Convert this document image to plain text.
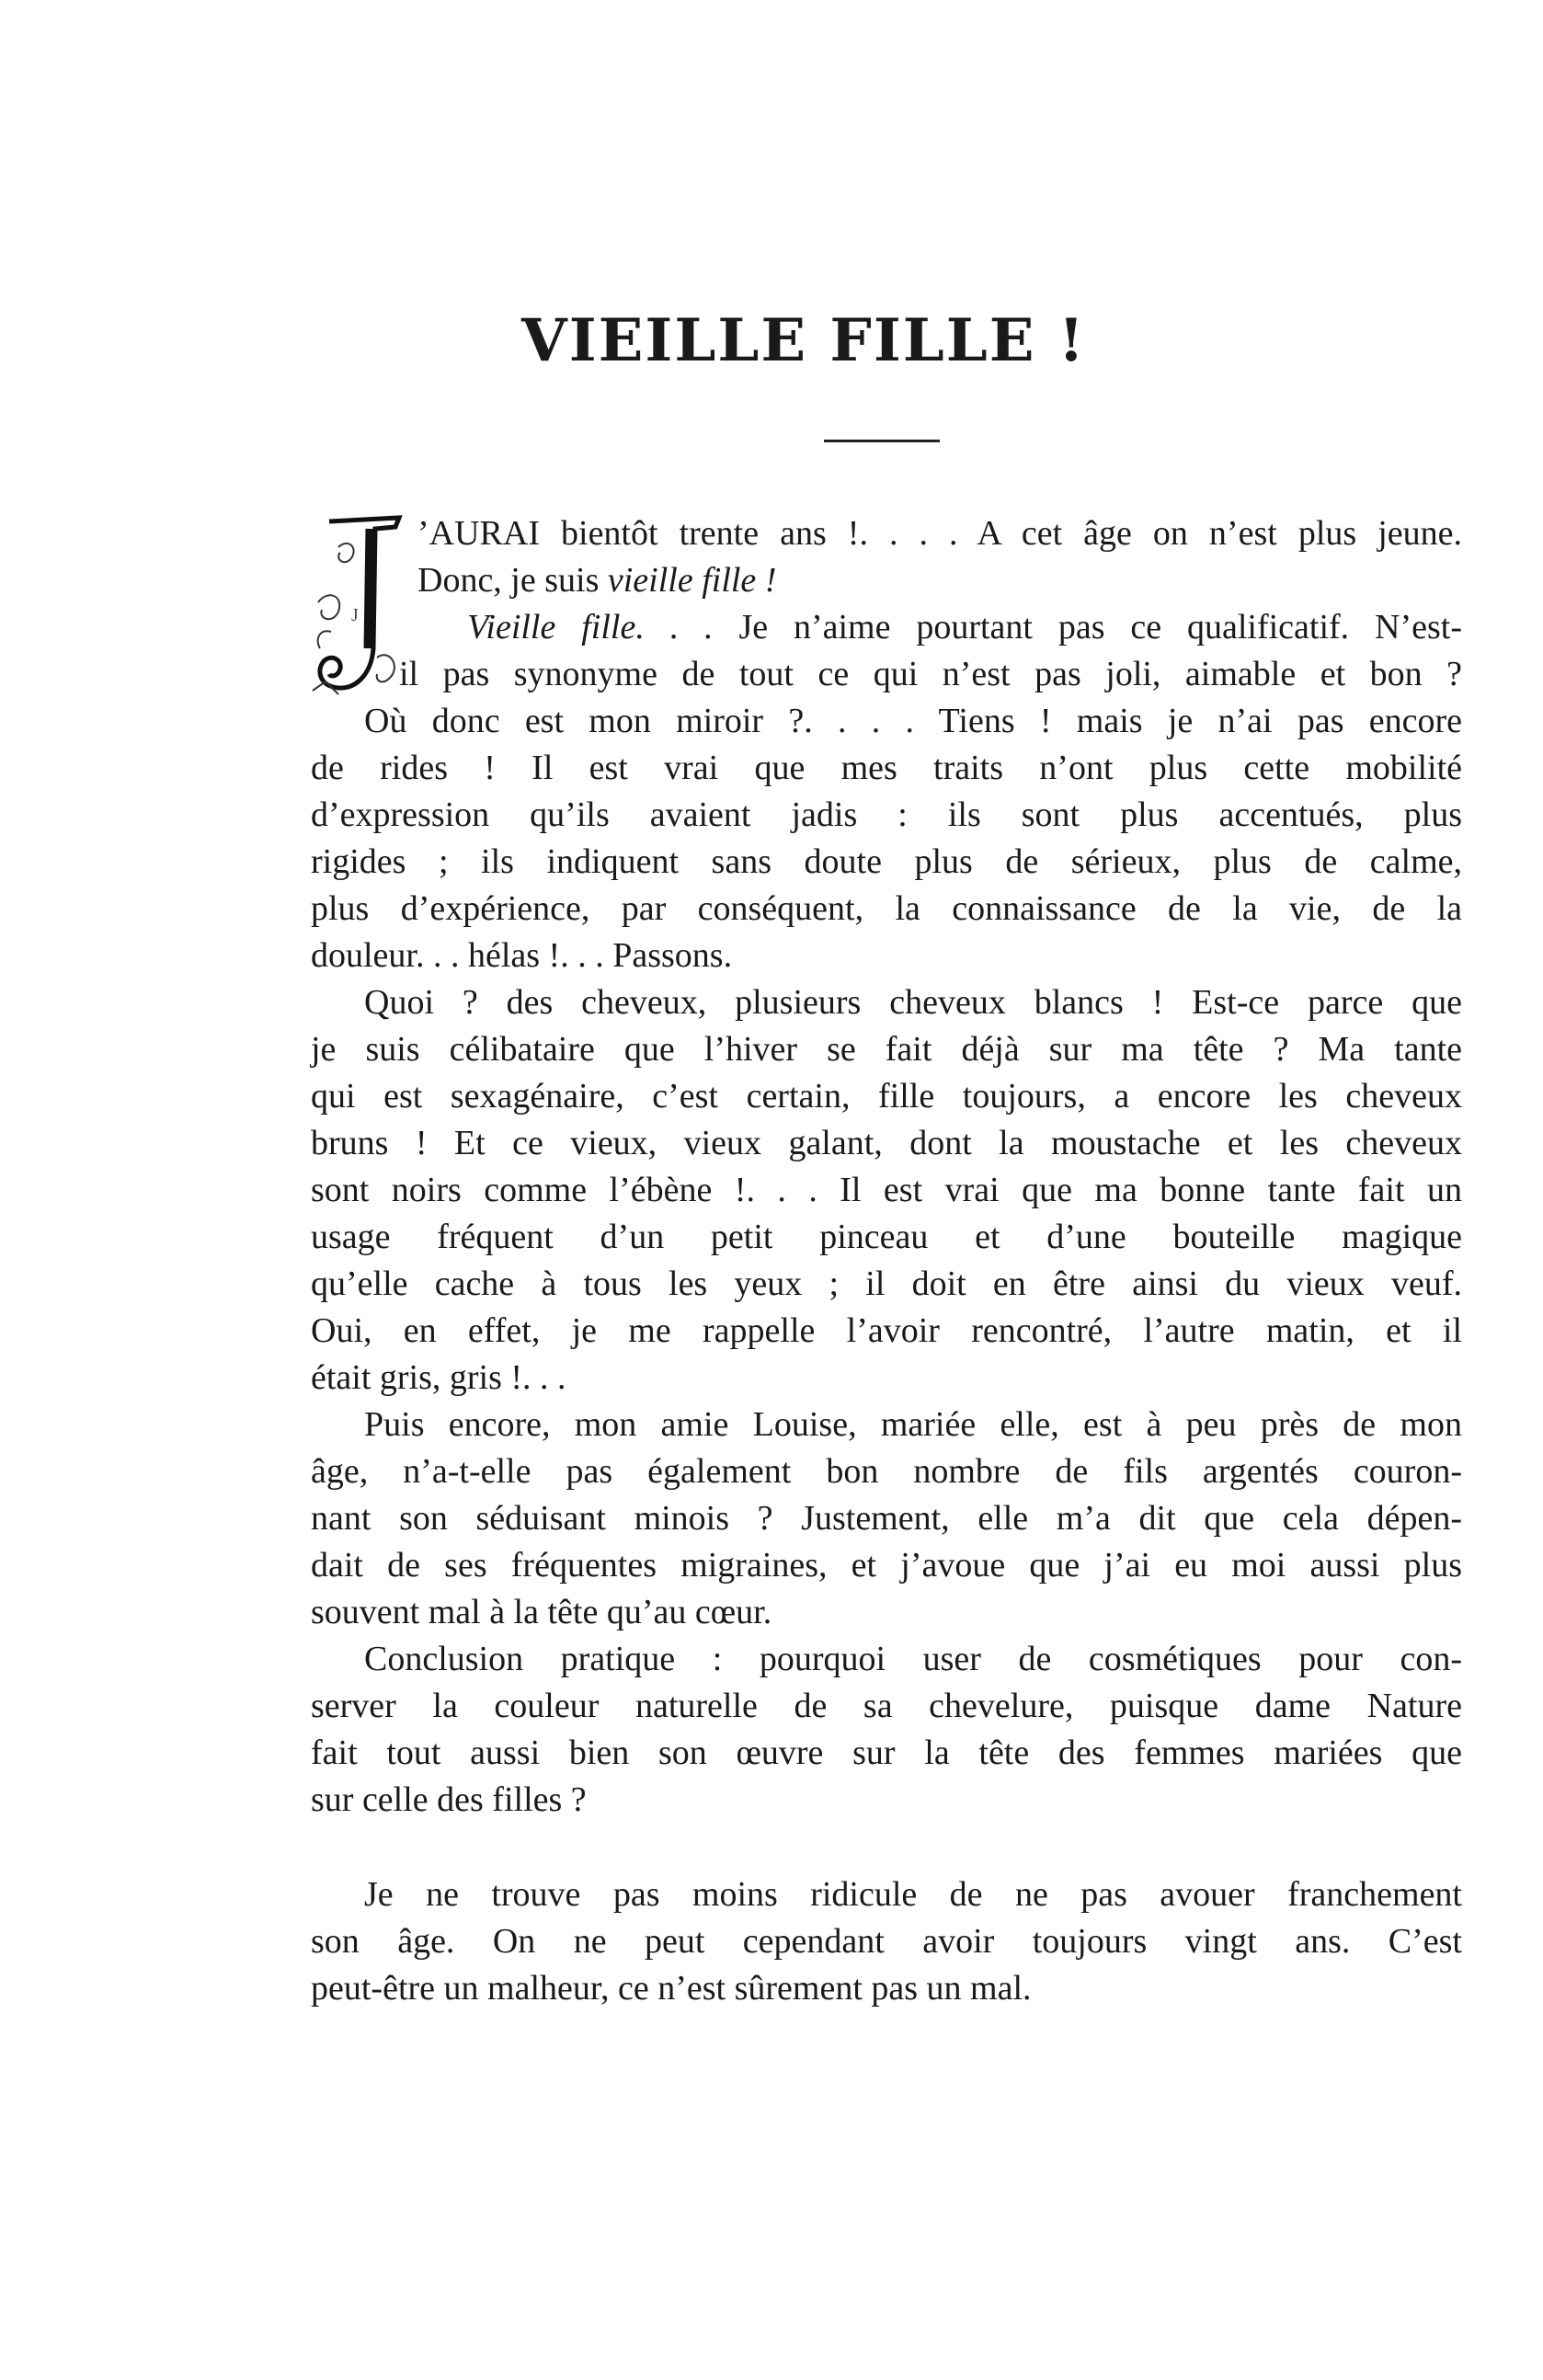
VIEILLE FILLE !
J
’AURAI bientôt trente ans !. . . . A cet âge on n’est plus jeune.
Donc, je suis vieille fille !
Vieille fille. . . Je n’aime pourtant pas ce qualificatif. N’est-
il pas synonyme de tout ce qui n’est pas joli, aimable et bon ?
Où donc est mon miroir ?. . . . Tiens ! mais je n’ai pas encore
de rides ! Il est vrai que mes traits n’ont plus cette mobilité
d’expression qu’ils avaient jadis : ils sont plus accentués, plus
rigides ; ils indiquent sans doute plus de sérieux, plus de calme,
plus d’expérience, par conséquent, la connaissance de la vie, de la
douleur. . . hélas !. . . Passons.
Quoi ? des cheveux, plusieurs cheveux blancs ! Est-ce parce que
je suis célibataire que l’hiver se fait déjà sur ma tête ? Ma tante
qui est sexagénaire, c’est certain, fille toujours, a encore les cheveux
bruns ! Et ce vieux, vieux galant, dont la moustache et les cheveux
sont noirs comme l’ébène !. . . Il est vrai que ma bonne tante fait un
usage fréquent d’un petit pinceau et d’une bouteille magique
qu’elle cache à tous les yeux ; il doit en être ainsi du vieux veuf.
Oui, en effet, je me rappelle l’avoir rencontré, l’autre matin, et il
était gris, gris !. . .
Puis encore, mon amie Louise, mariée elle, est à peu près de mon
âge, n’a-t-elle pas également bon nombre de fils argentés couron-
nant son séduisant minois ? Justement, elle m’a dit que cela dépen-
dait de ses fréquentes migraines, et j’avoue que j’ai eu moi aussi plus
souvent mal à la tête qu’au cœur.
Conclusion pratique : pourquoi user de cosmétiques pour con-
server la couleur naturelle de sa chevelure, puisque dame Nature
fait tout aussi bien son œuvre sur la tête des femmes mariées que
sur celle des filles ?
Je ne trouve pas moins ridicule de ne pas avouer franchement
son âge. On ne peut cependant avoir toujours vingt ans. C’est
peut-être un malheur, ce n’est sûrement pas un mal.
